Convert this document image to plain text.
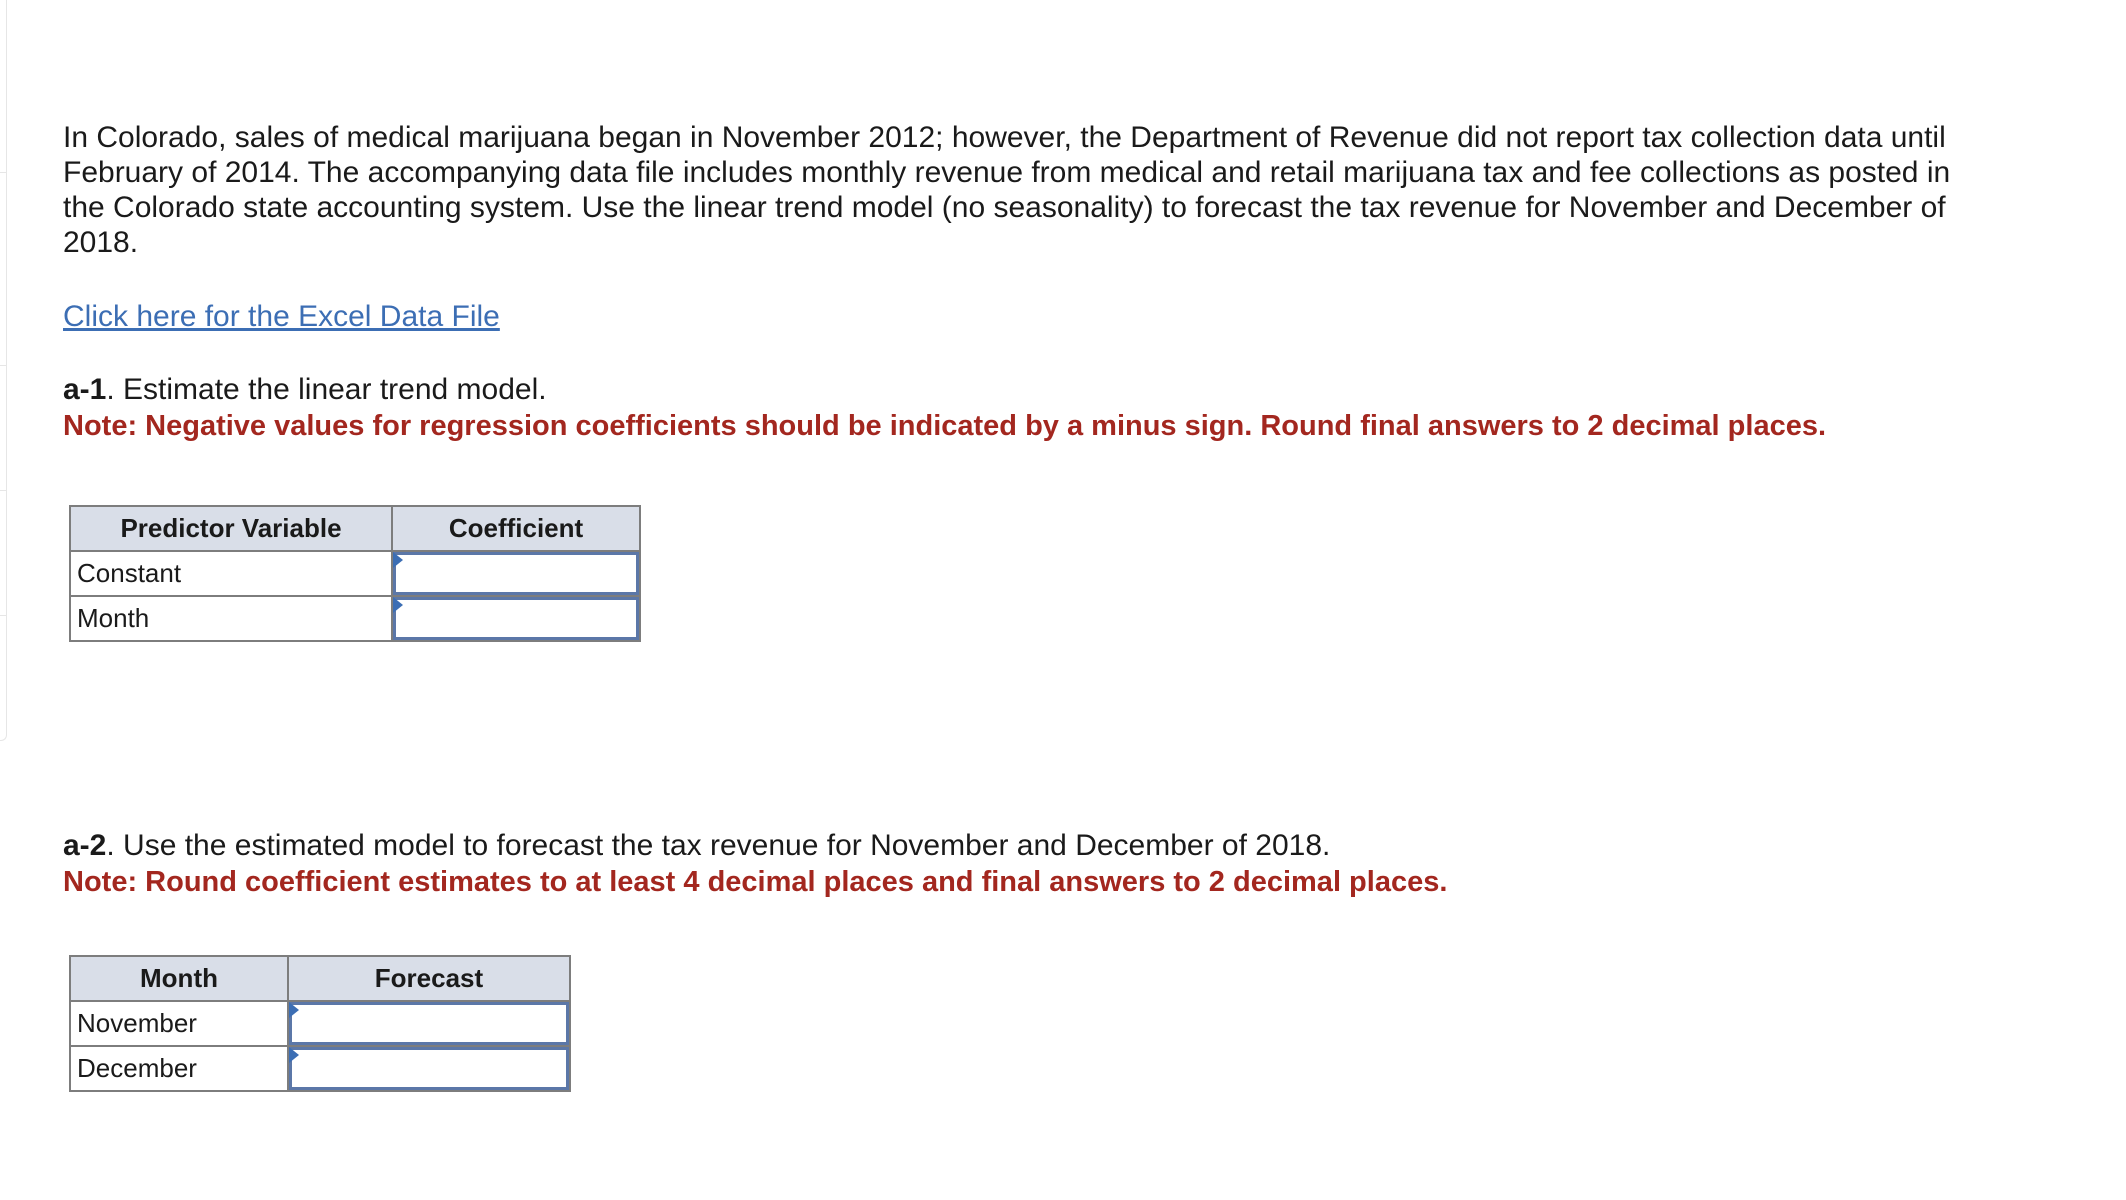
In Colorado, sales of medical marijuana began in November 2012; however, the Department of Revenue did not report tax collection data until February of 2014. The accompanying data file includes monthly revenue from medical and retail marijuana tax and fee collections as posted in the Colorado state accounting system. Use the linear trend model (no seasonality) to forecast the tax revenue for November and December of 2018.

Click here for the Excel Data File

a-1. Estimate the linear trend model.

Note: Negative values for regression coefficients should be indicated by a minus sign. Round final answers to 2 decimal places.

Predictor Variable	Coefficient
Constant	

Month	

a-2. Use the estimated model to forecast the tax revenue for November and December of 2018.

Note: Round coefficient estimates to at least 4 decimal places and final answers to 2 decimal places.

Month	Forecast
November	

December	
